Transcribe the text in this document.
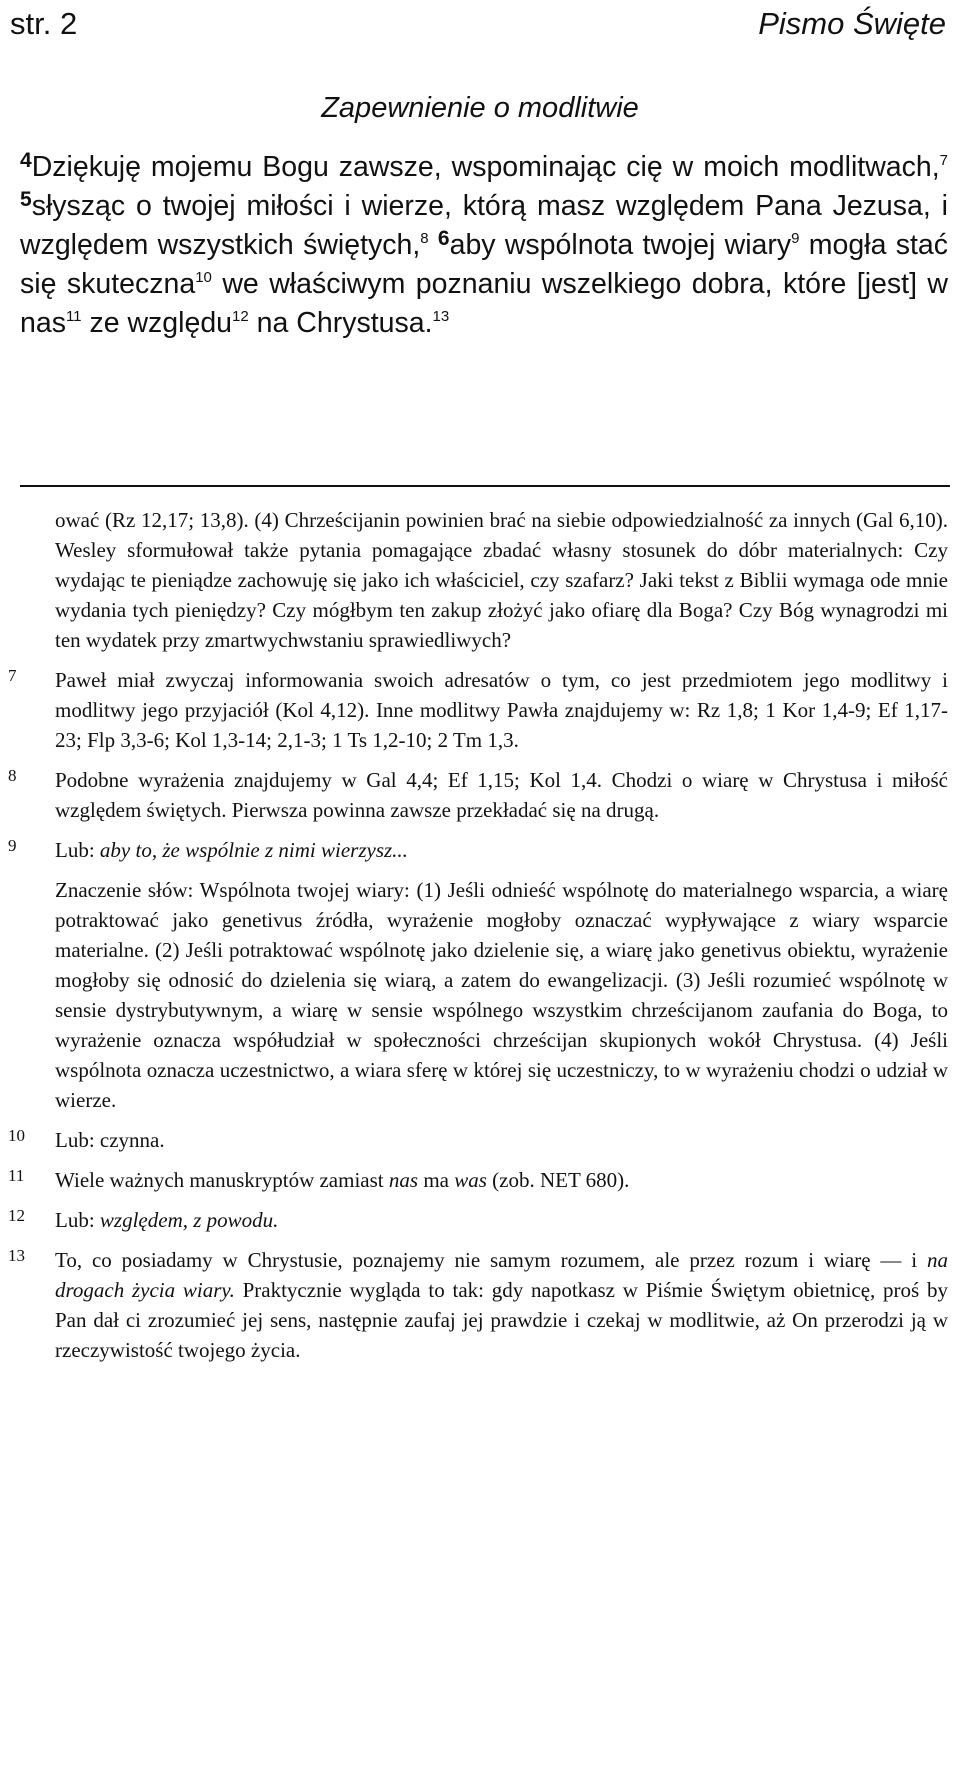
str. 2	Pismo Święte
Zapewnienie o modlitwie

$^4$Dziękuję mojemu Bogu zawsze, wspominając cię w moich modlitwach,$^7$ $^5$słysząc o twojej miłości i wierze, którą masz względem Pana Jezusa, i względem wszystkich świętych,$^8$ $^6$aby wspólnota twojej wiary$^9$ mogła stać się skuteczna$^{10}$ we właściwym poznaniu wszelkiego dobra, które [jest] w nas$^{11}$ ze względu$^{12}$ na Chrystusa.$^{13}$

ować (Rz 12,17; 13,8). (4) Chrześcijanin powinien brać na siebie odpowiedzialność za innych (Gal 6,10). Wesley sformułował także pytania pomagające zbadać własny stosunek do dóbr materialnych: Czy wydając te pieniądze zachowuję się jako ich właściciel, czy szafarz? Jaki tekst z Biblii wymaga ode mnie wydania tych pieniędzy? Czy mógłbym ten zakup złożyć jako ofiarę dla Boga? Czy Bóg wynagrodzi mi ten wydatek przy zmartwychwstaniu sprawiedliwych?
7 Paweł miał zwyczaj informowania swoich adresatów o tym, co jest przedmiotem jego modlitwy i modlitwy jego przyjaciół (Kol 4,12). Inne modlitwy Pawła znajdujemy w: Rz 1,8; 1 Kor 1,4-9; Ef 1,17-23; Flp 3,3-6; Kol 1,3-14; 2,1-3; 1 Ts 1,2-10; 2 Tm 1,3.
8 Podobne wyrażenia znajdujemy w Gal 4,4; Ef 1,15; Kol 1,4. Chodzi o wiarę w Chrystusa i miłość względem świętych. Pierwsza powinna zawsze przekładać się na drugą.
9 Lub: aby to, że wspólnie z nimi wierzysz...
Znaczenie słów: Wspólnota twojej wiary: (1) Jeśli odnieść wspólnotę do materialnego wsparcia, a wiarę potraktować jako genetivus źródła, wyrażenie mogłoby oznaczać wypływające z wiary wsparcie materialne. (2) Jeśli potraktować wspólnotę jako dzielenie się, a wiarę jako genetivus obiektu, wyrażenie mogłoby się odnosić do dzielenia się wiarą, a zatem do ewangelizacji. (3) Jeśli rozumieć wspólnotę w sensie dystrybutywnym, a wiarę w sensie wspólnego wszystkim chrześcijanom zaufania do Boga, to wyrażenie oznacza współudział w społeczności chrześcijan skupionych wokół Chrystusa. (4) Jeśli wspólnota oznacza uczestnictwo, a wiara sferę w której się uczestniczy, to w wyrażeniu chodzi o udział w wierze.
10 Lub: czynna.
11 Wiele ważnych manuskryptów zamiast nas ma was (zob. NET 680).
12 Lub: względem, z powodu.
13 To, co posiadamy w Chrystusie, poznajemy nie samym rozumem, ale przez rozum i wiarę — i na drogach życia wiary. Praktycznie wygląda to tak: gdy napotkasz w Piśmie Świętym obietnicę, proś by Pan dał ci zrozumieć jej sens, następnie zaufaj jej prawdzie i czekaj w modlitwie, aż On przerodzi ją w rzeczywistość twojego życia.
